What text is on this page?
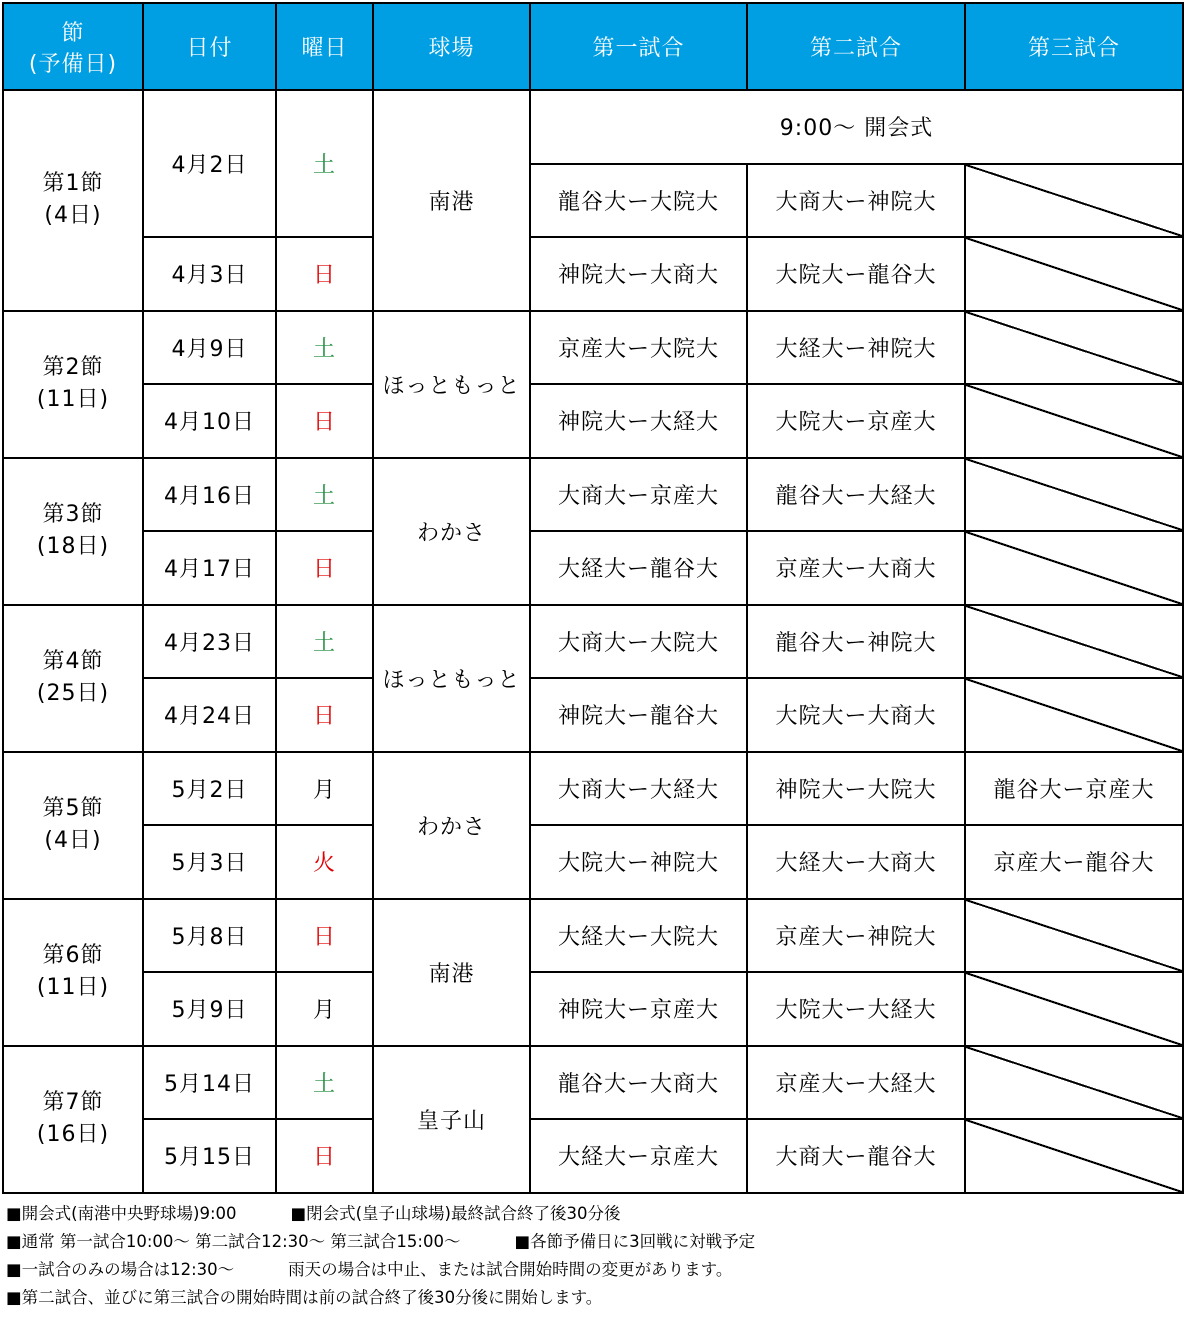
節
(予備日)	日付	曜日	球場	第一試合	第二試合	第三試合

第1節
(4日)	4月2日	土	南港	9:00～ 開会式		
				龍谷大ー大院大	大商大ー神院大	
	4月3日	日		神院大ー大商大	大院大ー龍谷大	

第2節
(11日)	4月9日	土	ほっともっと	京産大ー大院大	大経大ー神院大	
	4月10日	日		神院大ー大経大	大院大ー京産大	

第3節
(18日)	4月16日	土	わかさ	大商大ー京産大	龍谷大ー大経大	
	4月17日	日		大経大ー龍谷大	京産大ー大商大	

第4節
(25日)	4月23日	土	ほっともっと	大商大ー大院大	龍谷大ー神院大	
	4月24日	日		神院大ー龍谷大	大院大ー大商大	

第5節
(4日)	5月2日	月	わかさ	大商大ー大経大	神院大ー大院大	龍谷大ー京産大
	5月3日	火		大院大ー神院大	大経大ー大商大	京産大ー龍谷大

第6節
(11日)	5月8日	日	南港	大経大ー大院大	京産大ー神院大	
	5月9日	月		神院大ー京産大	大院大ー大経大	

第7節
(16日)	5月14日	土	皇子山	龍谷大ー大商大	京産大ー大経大	
	5月15日	日		大経大ー京産大	大商大ー龍谷大	
■開会式(南港中央野球場)9:00	■閉会式(皇子山球場)最終試合終了後30分後
■通常 第一試合10:00～ 第二試合12:30～ 第三試合15:00～	■各節予備日に3回戦に対戦予定
■一試合のみの場合は12:30～	雨天の場合は中止、または試合開始時間の変更があります。
■第二試合、並びに第三試合の開始時間は前の試合終了後30分後に開始します。
